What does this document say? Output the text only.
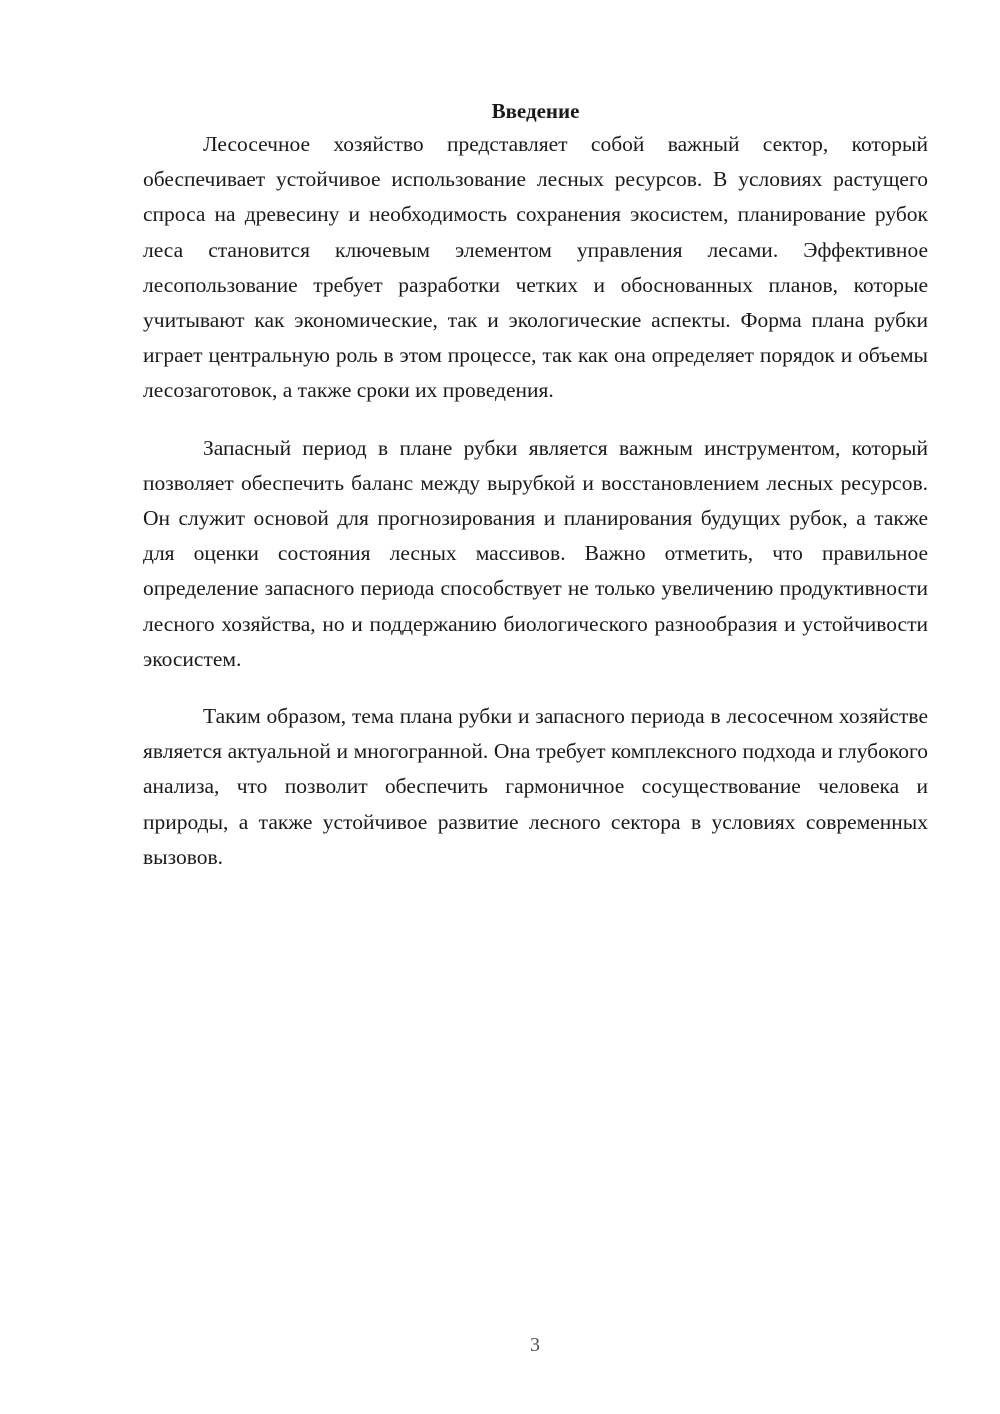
Введение

Лесосечное хозяйство представляет собой важный сектор, который обеспечивает устойчивое использование лесных ресурсов. В условиях растущего спроса на древесину и необходимость сохранения экосистем, планирование рубок леса становится ключевым элементом управления лесами. Эффективное лесопользование требует разработки четких и обоснованных планов, которые учитывают как экономические, так и экологические аспекты. Форма плана рубки играет центральную роль в этом процессе, так как она определяет порядок и объемы лесозаготовок, а также сроки их проведения.

Запасный период в плане рубки является важным инструментом, который позволяет обеспечить баланс между вырубкой и восстановлением лесных ресурсов. Он служит основой для прогнозирования и планирования будущих рубок, а также для оценки состояния лесных массивов. Важно отметить, что правильное определение запасного периода способствует не только увеличению продуктивности лесного хозяйства, но и поддержанию биологического разнообразия и устойчивости экосистем.

Таким образом, тема плана рубки и запасного периода в лесосечном хозяйстве является актуальной и многогранной. Она требует комплексного подхода и глубокого анализа, что позволит обеспечить гармоничное сосуществование человека и природы, а также устойчивое развитие лесного сектора в условиях современных вызовов.

3
